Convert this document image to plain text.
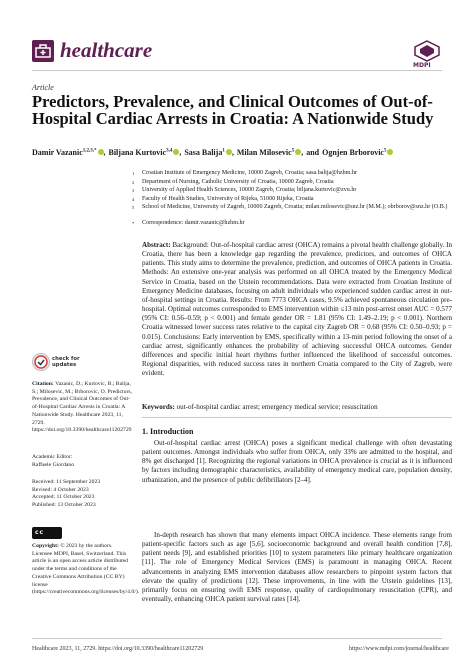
healthcare
MDPI
Article
Predictors, Prevalence, and Clinical Outcomes of Out-of-Hospital Cardiac Arrests in Croatia: A Nationwide Study
Damir Vazanic$^{1,2,3,*}$ , Biljana Kurtovic$^{3,4}$ , Sasa Balija$^1$ , Milan Milosevic$^5$ , and Ognjen Brborovic$^5$
1 Croatian Institute of Emergency Medicine, 10000 Zagreb, Croatia; sasa.balija@hzhm.hr
2 Department of Nursing, Catholic University of Croatia, 10000 Zagreb, Croatia
3 University of Applied Health Sciences, 10000 Zagreb, Croatia; biljana.kurtovic@zvu.hr
4 Faculty of Health Studies, University of Rijeka, 51000 Rijeka, Croatia
5 School of Medicine, University of Zagreb, 10000 Zagreb, Croatia; milan.milosevic@snz.hr (M.M.); obrborov@snz.hr (O.B.)
* Correspondence: damir.vazanic@hzhm.hr
Abstract: Background: Out-of-hospital cardiac arrest (OHCA) remains a pivotal health challenge globally. In Croatia, there has been a knowledge gap regarding the prevalence, predictors, and outcomes of OHCA patients. This study aims to determine the prevalence, prediction, and outcomes of OHCA patients in Croatia. Methods: An extensive one-year analysis was performed on all OHCA treated by the Emergency Medical Service in Croatia, based on the Utstein recommendations. Data were extracted from Croatian Institute of Emergency Medicine databases, focusing on adult individuals who experienced sudden cardiac arrest in out-of-hospital settings in Croatia. Results: From 7773 OHCA cases, 9.5% achieved spontaneous circulation pre-hospital. Optimal outcomes corresponded to EMS intervention within ≤13 min post-arrest onset AUC = 0.577 (95% CI: 0.56–0.59; p < 0.001) and female gender OR = 1.81 (95% CI: 1.49–2.19; p < 0.001). Northern Croatia witnessed lower success rates relative to the capital city Zagreb OR = 0.68 (95% CI: 0.50–0.93; p = 0.015). Conclusions: Early intervention by EMS, specifically within a 13-min period following the onset of a cardiac arrest, significantly enhances the probability of achieving successful OHCA outcomes. Gender differences and specific initial heart rhythms further influenced the likelihood of successful outcomes. Regional disparities, with reduced success rates in northern Croatia compared to the City of Zagreb, were evident.
Keywords: out-of-hospital cardiac arrest; emergency medical service; resuscitation
check for
updates
Citation: Vazanic, D.; Kurtovic, B.; Balija, S.; Milosevic, M.; Brborovic, O. Predictors, Prevalence, and Clinical Outcomes of Out-of-Hospital Cardiac Arrests in Croatia: A Nationwide Study. Healthcare 2023, 11, 2729. https://doi.org/10.3390/healthcare11202729
Academic Editor:
Raffaele Giordano
Received: 11 September 2023
Revised: 4 October 2023
Accepted: 11 October 2023
Published: 13 October 2023
cc
Copyright: © 2023 by the authors. Licensee MDPI, Basel, Switzerland. This article is an open access article distributed under the terms and conditions of the Creative Commons Attribution (CC BY) license (https://creativecommons.org/licenses/by/4.0/).
1. Introduction

Out-of-hospital cardiac arrest (OHCA) poses a significant medical challenge with often devastating patient outcomes. Amongst individuals who suffer from OHCA, only 33% are admitted to the hospital, and 8% get discharged [1]. Recognizing the regional variations in OHCA prevalence is crucial as it is influenced by factors including demographic characteristics, availability of emergency medical care, population density, urbanization, and the presence of public defibrillators [2–4].

In-depth research has shown that many elements impact OHCA incidence. These elements range from patient-specific factors such as age [5,6], socioeconomic background and overall health condition [7,8], patient needs [9], and established priorities [10] to system parameters like primary healthcare organization [11]. The role of Emergency Medical Services (EMS) is paramount in managing OHCA. Recent advancements in analyzing EMS intervention databases allow researchers to pinpoint system factors that elevate the quality of predictions [12]. These improvements, in line with the Utstein guidelines [13], primarily focus on ensuring swift EMS response, quality of cardiopulmonary resuscitation (CPR), and eventually, enhancing OHCA patient survival rates [14].

Healthcare 2023, 11, 2729. https://doi.org/10.3390/healthcare11202729	https://www.mdpi.com/journal/healthcare
